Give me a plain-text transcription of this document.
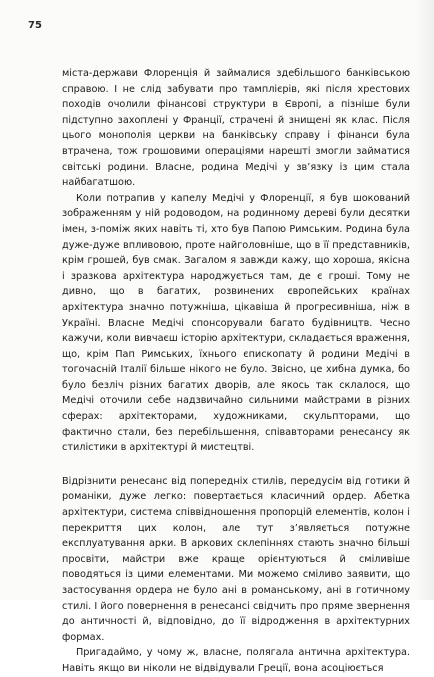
75

міста-держави Флоренція й займалися здебільшого банківською справою. І не слід забувати про тамплієрів, які після хрестових походів очолили фінансові структури в Європі, а пізніше були підступно захоплені у Франції, страчені й знищені як клас. Після цього монополія церкви на банківську справу і фінанси була втрачена, тож грошовими операціями нарешті змогли займатися світські родини. Власне, родина Медічі у зв’язку із цим стала найбагатшою.

Коли потрапив у капелу Медічі у Флоренції, я був шокований зображенням у ній родоводом, на родинному дереві були десятки імен, з-поміж яких навіть ті, хто був Папою Римським. Родина була дуже-дуже впливовою, проте найголовніше, що в її представників, крім грошей, був смак. Загалом я завжди кажу, що хороша, якісна і зразкова архітектура народжується там, де є гроші. Тому не дивно, що в багатих, розвинених європейських країнах архітектура значно потужніша, цікавіша й прогресивніша, ніж в Україні. Власне Медічі спонсорували багато будівництв. Чесно кажучи, коли вивчаєш історію архітектури, складається враження, що, крім Пап Римських, їхнього єпископату й родини Медічі в тогочасній Італії більше нікого не було. Звісно, це хибна думка, бо було безліч різних багатих дворів, але якось так склалося, що Медічі оточили себе надзвичайно сильними майстрами в різних сферах: архітекторами, художниками, скульпторами, що фактично стали, без перебільшення, співавторами ренесансу як стилістики в архітектурі й мистецтві.

Відрізнити ренесанс від попередніх стилів, передусім від готики й романіки, дуже легко: повертається класичний ордер. Абетка архітектури, система співвідношення пропорцій елементів, колон і перекриття цих колон, але тут з’являється потужне експлуатування арки. В аркових склепіннях стають значно більші просвіти, майстри вже краще орієнтуються й сміливіше поводяться із цими елементами. Ми можемо сміливо заявити, що застосування ордера не було ані в романському, ані в готичному стилі. І його повернення в ренесансі свідчить про пряме звернення до античності й, відповідно, до її відродження в архітектурних формах.

Пригадаймо, у чому ж, власне, полягала антична архітектура. Навіть якщо ви ніколи не відвідували Греції, вона асоціюється
